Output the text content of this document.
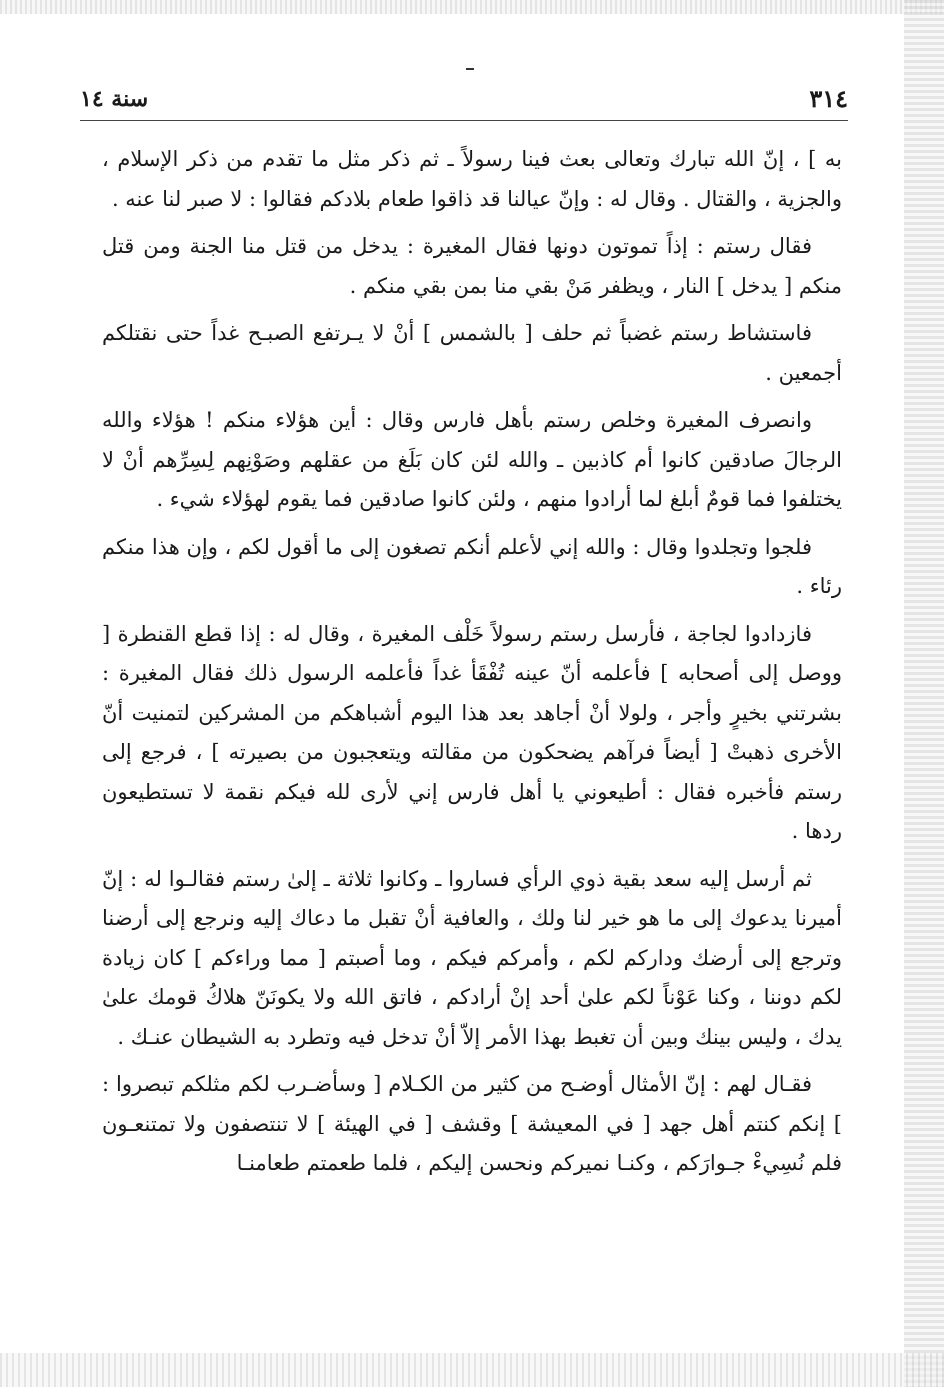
٣١٤
سنة ١٤

به ] ، إنّ الله تبارك وتعالى بعث فينا رسولاً ـ ثم ذكر مثل ما تقدم من ذكر الإسلام ، والجزية ، والقتال . وقال له : وإنّ عيالنا قد ذاقوا طعام بلادكم فقالوا : لا صبر لنا عنه .

فقال رستم : إذاً تموتون دونها فقال المغيرة : يدخل من قتل منا الجنة ومن قتل منكم [ يدخل ] النار ، ويظفر مَنْ بقي منا بمن بقي منكم .

فاستشاط رستم غضباً ثم حلف [ بالشمس ] أنْ لا يـرتفع الصبـح غداً حتى نقتلكم أجمعين .

وانصرف المغيرة وخلص رستم بأهل فارس وقال : أين هؤلاء منكم ! هؤلاء والله الرجالَ صادقين كانوا أم كاذبين ـ والله لئن كان بَلَغ من عقلهم وصَوْنِهم لِسِرِّهم أنْ لا يختلفوا فما قومٌ أبلغ لما أرادوا منهم ، ولئن كانوا صادقين فما يقوم لهؤلاء شيء .

فلجوا وتجلدوا وقال : والله إني لأعلم أنكم تصغون إلى ما أقول لكم ، وإن هذا منكم رئاء .

فازدادوا لجاجة ، فأرسل رستم رسولاً خَلْف المغيرة ، وقال له : إذا قطع القنطرة [ ووصل إلى أصحابه ] فأعلمه أنّ عينه تُفْقَأ غداً فأعلمه الرسول ذلك فقال المغيرة : بشرتني بخيرٍ وأجر ، ولولا أنْ أجاهد بعد هذا اليوم أشباهكم من المشركين لتمنيت أنّ الأخرى ذهبتْ [ أيضاً فرآهم يضحكون من مقالته ويتعجبون من بصيرته ] ، فرجع إلى رستم فأخبره فقال : أطيعوني يا أهل فارس إني لأرى لله فيكم نقمة لا تستطيعون ردها .

ثم أرسل إليه سعد بقية ذوي الرأي فساروا ـ وكانوا ثلاثة ـ إلىٰ رستم فقالـوا له : إنّ أميرنا يدعوك إلى ما هو خير لنا ولك ، والعافية أنْ تقبل ما دعاك إليه ونرجع إلى أرضنا وترجع إلى أرضك وداركم لكم ، وأمركم فيكم ، وما أصبتم [ مما وراءكم ] كان زيادة لكم دوننا ، وكنا عَوْناً لكم علىٰ أحد إنْ أرادكم ، فاتق الله ولا يكونَنّ هلاكُ قومك علىٰ يدك ، وليس بينك وبين أن تغبط بهذا الأمر إلاّ أنْ تدخل فيه وتطرد به الشيطان عنـك .

فقـال لهم : إنّ الأمثال أوضـح من كثير من الكـلام [ وسأضـرب لكم مثلكم تبصروا : ] إنكم كنتم أهل جهد [ في المعيشة ] وقشف [ في الهيئة ] لا تنتصفون ولا تمتنعـون فلم نُسِيءْ جـوارَكم ، وكنـا نميركم ونحسن إليكم ، فلما طعمتم طعامنـا
